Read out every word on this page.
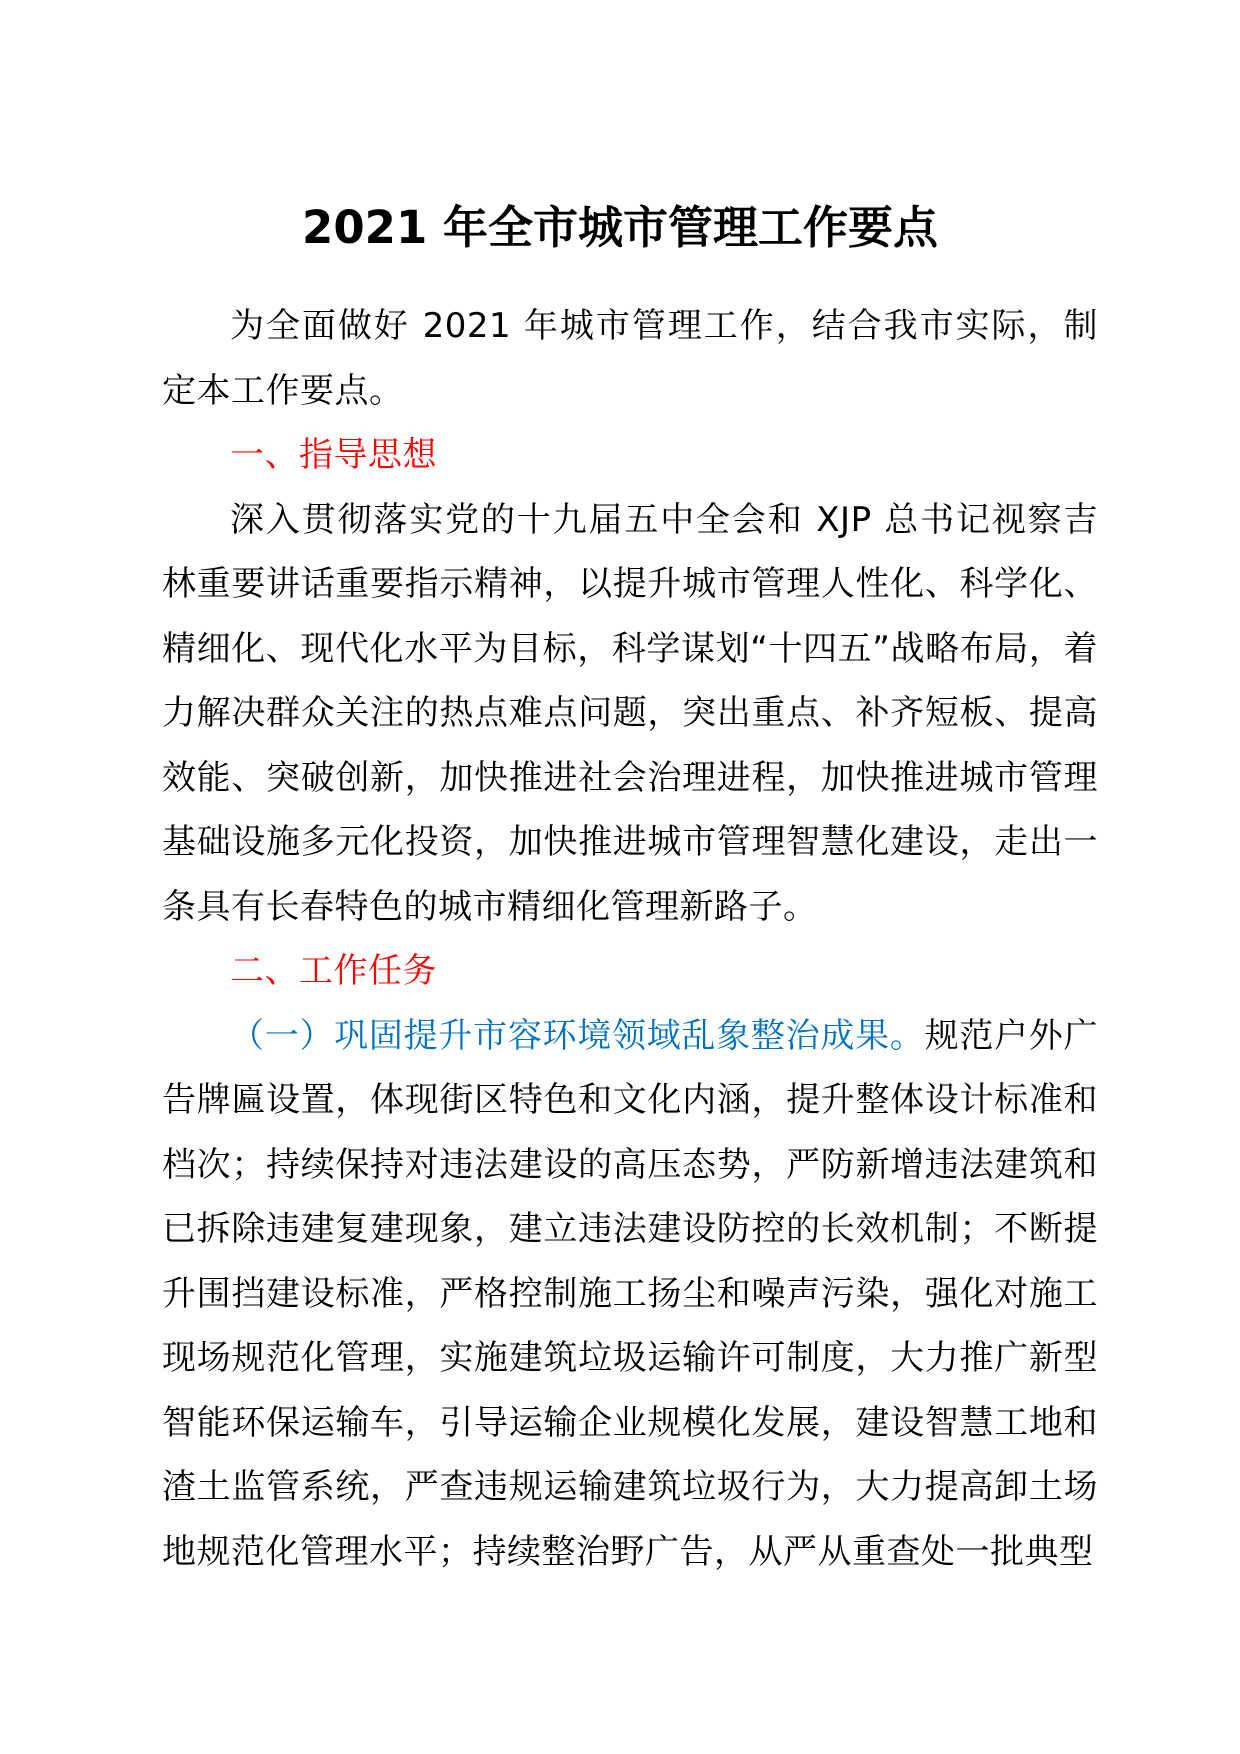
2021 年全市城市管理工作要点

为全面做好 2021 年城市管理工作，结合我市实际，制定本工作要点。

一、指导思想

深入贯彻落实党的十九届五中全会和 XJP 总书记视察吉林重要讲话重要指示精神，以提升城市管理人性化、科学化、精细化、现代化水平为目标，科学谋划“十四五”战略布局，着力解决群众关注的热点难点问题，突出重点、补齐短板、提高效能、突破创新，加快推进社会治理进程，加快推进城市管理基础设施多元化投资，加快推进城市管理智慧化建设，走出一条具有长春特色的城市精细化管理新路子。

二、工作任务

（一）巩固提升市容环境领域乱象整治成果。规范户外广告牌匾设置，体现街区特色和文化内涵，提升整体设计标准和档次；持续保持对违法建设的高压态势，严防新增违法建筑和已拆除违建复建现象，建立违法建设防控的长效机制；不断提升围挡建设标准，严格控制施工扬尘和噪声污染，强化对施工现场规范化管理，实施建筑垃圾运输许可制度，大力推广新型智能环保运输车，引导运输企业规模化发展，建设智慧工地和渣土监管系统，严查违规运输建筑垃圾行为，大力提高卸土场地规范化管理水平；持续整治野广告，从严从重查处一批典型
